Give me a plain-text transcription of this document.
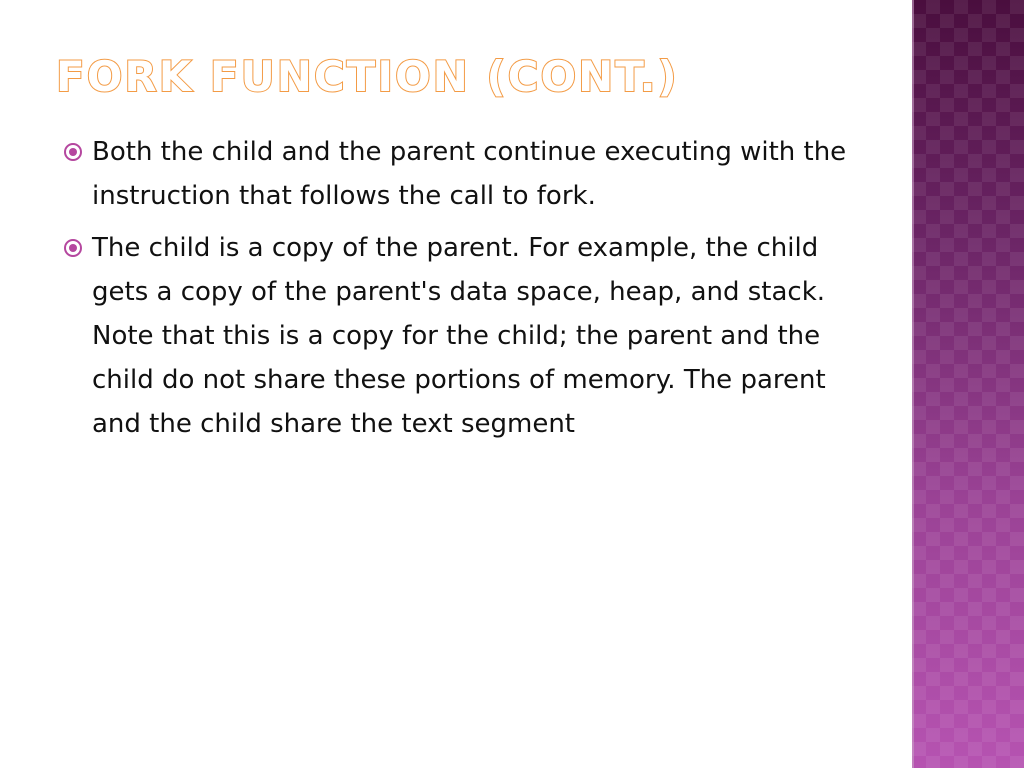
FORK FUNCTION (CONT.)
Both the child and the parent continue executing with the instruction that follows the call to fork.
The child is a copy of the parent. For example, the child gets a copy of the parent's data space, heap, and stack. Note that this is a copy for the child; the parent and the child do not share these portions of memory. The parent and the child share the text segment
